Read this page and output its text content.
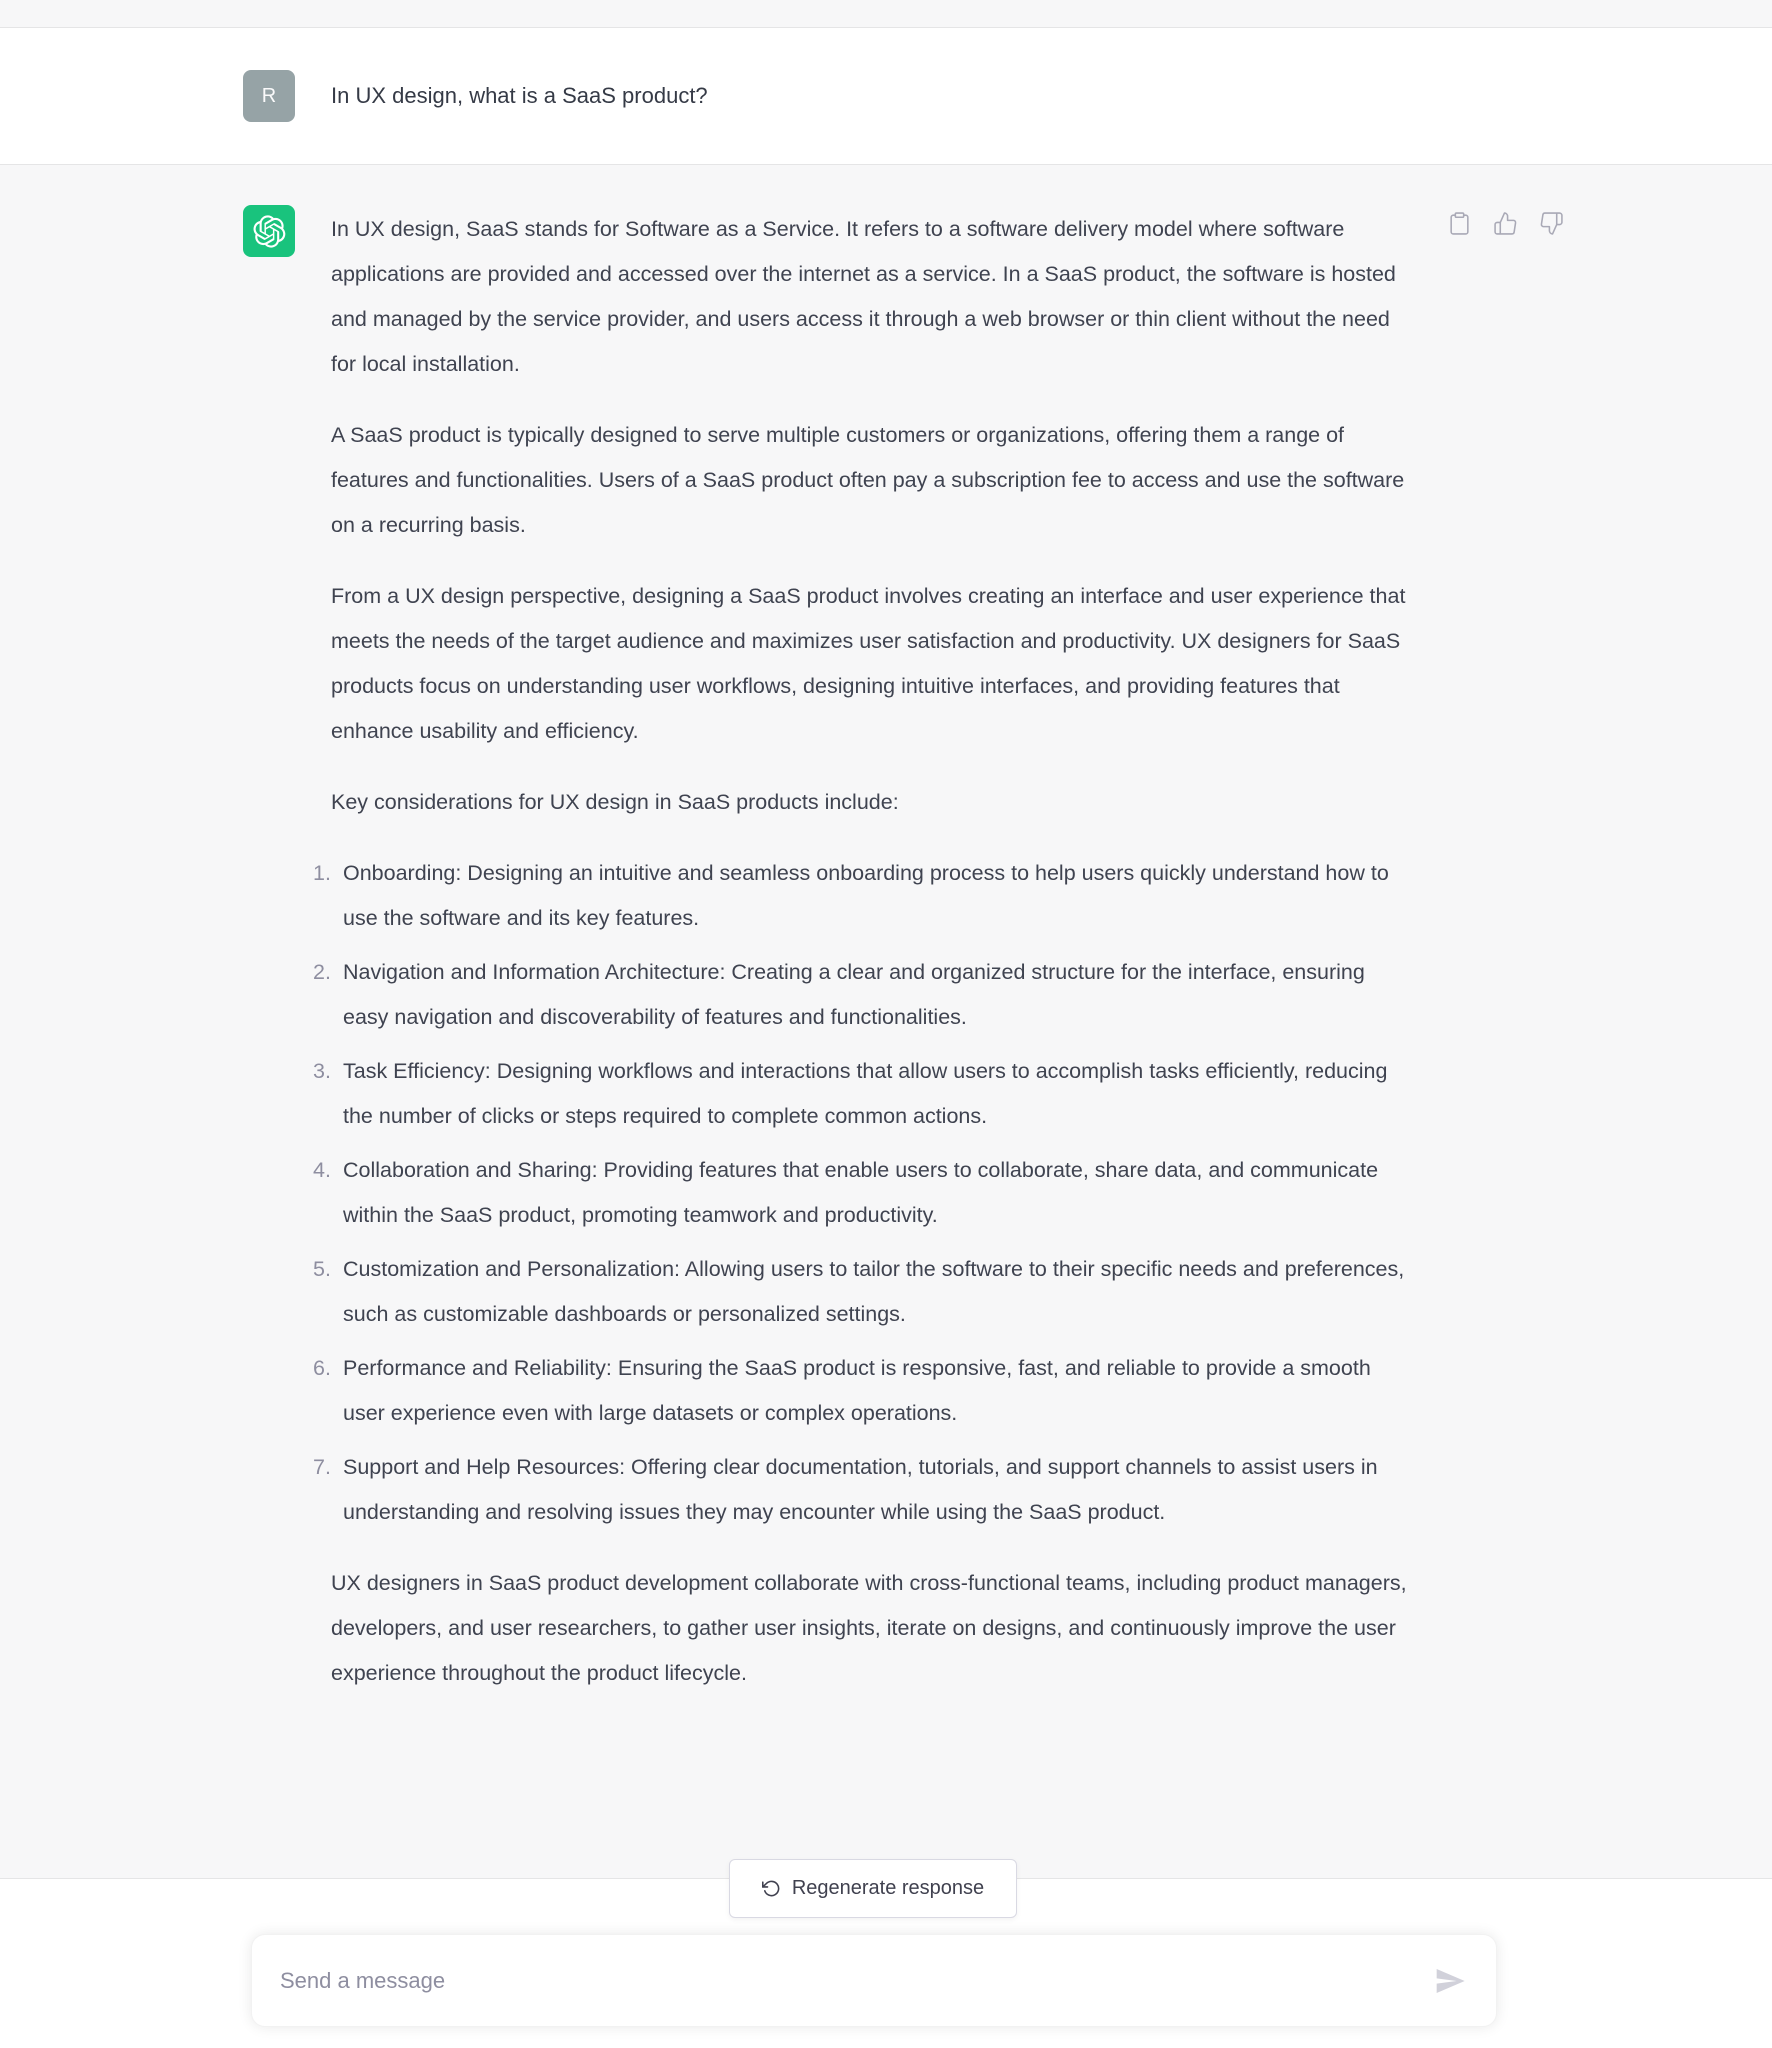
R	In UX design, what is a SaaS product?

In UX design, SaaS stands for Software as a Service. It refers to a software delivery model where software applications are provided and accessed over the internet as a service. In a SaaS product, the software is hosted and managed by the service provider, and users access it through a web browser or thin client without the need for local installation.

A SaaS product is typically designed to serve multiple customers or organizations, offering them a range of features and functionalities. Users of a SaaS product often pay a subscription fee to access and use the software on a recurring basis.

From a UX design perspective, designing a SaaS product involves creating an interface and user experience that meets the needs of the target audience and maximizes user satisfaction and productivity. UX designers for SaaS products focus on understanding user workflows, designing intuitive interfaces, and providing features that enhance usability and efficiency.

Key considerations for UX design in SaaS products include:

Onboarding: Designing an intuitive and seamless onboarding process to help users quickly understand how to use the software and its key features.
Navigation and Information Architecture: Creating a clear and organized structure for the interface, ensuring easy navigation and discoverability of features and functionalities.
Task Efficiency: Designing workflows and interactions that allow users to accomplish tasks efficiently, reducing the number of clicks or steps required to complete common actions.
Collaboration and Sharing: Providing features that enable users to collaborate, share data, and communicate within the SaaS product, promoting teamwork and productivity.
Customization and Personalization: Allowing users to tailor the software to their specific needs and preferences, such as customizable dashboards or personalized settings.
Performance and Reliability: Ensuring the SaaS product is responsive, fast, and reliable to provide a smooth user experience even with large datasets or complex operations.
Support and Help Resources: Offering clear documentation, tutorials, and support channels to assist users in understanding and resolving issues they may encounter while using the SaaS product.

UX designers in SaaS product development collaborate with cross-functional teams, including product managers, developers, and user researchers, to gather user insights, iterate on designs, and continuously improve the user experience throughout the product lifecycle.

Regenerate response
Send a message
